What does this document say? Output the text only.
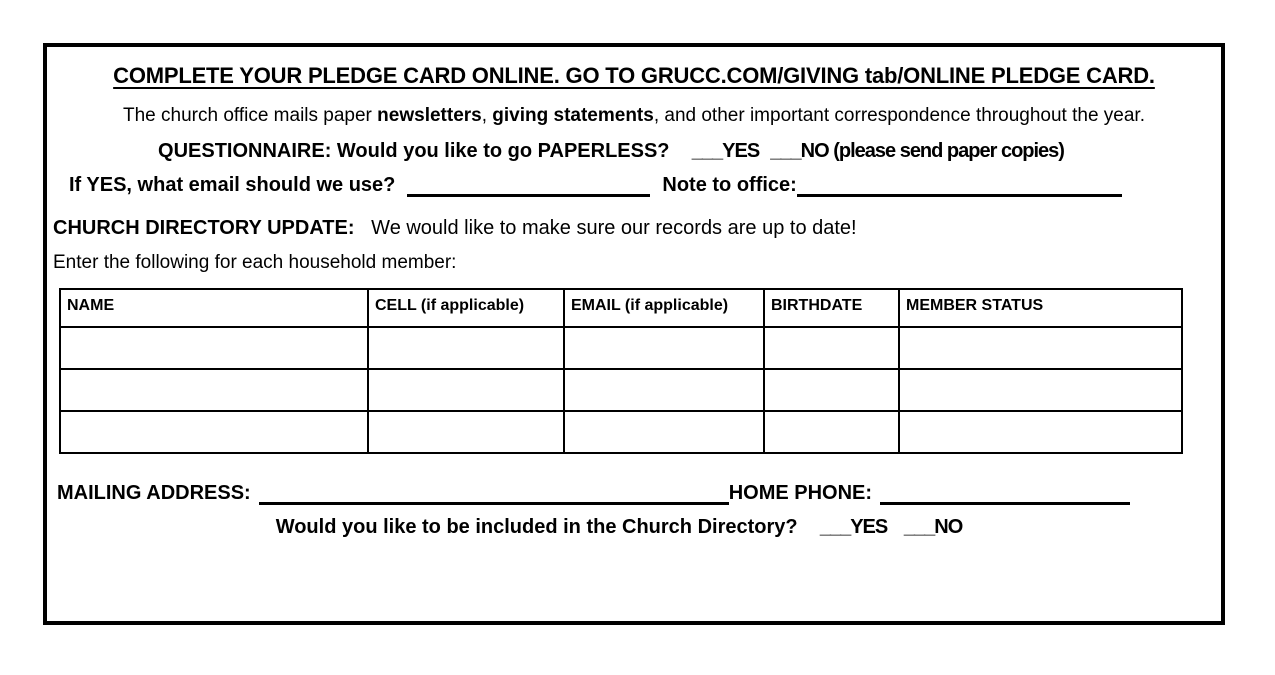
COMPLETE YOUR PLEDGE CARD ONLINE. GO TO GRUCC.COM/GIVING tab/ONLINE PLEDGE CARD.
The church office mails paper newsletters, giving statements, and other important correspondence throughout the year.
QUESTIONNAIRE: Would you like to go PAPERLESS? ___YES ___NO (please send paper copies)
If YES, what email should we use?	Note to office:
CHURCH DIRECTORY UPDATE: We would like to make sure our records are up to date!
Enter the following for each household member:
NAME	CELL (if applicable)	EMAIL (if applicable)	BIRTHDATE	MEMBER STATUS

MAILING ADDRESS:	HOME PHONE:
Would you like to be included in the Church Directory? ___YES ___NO
